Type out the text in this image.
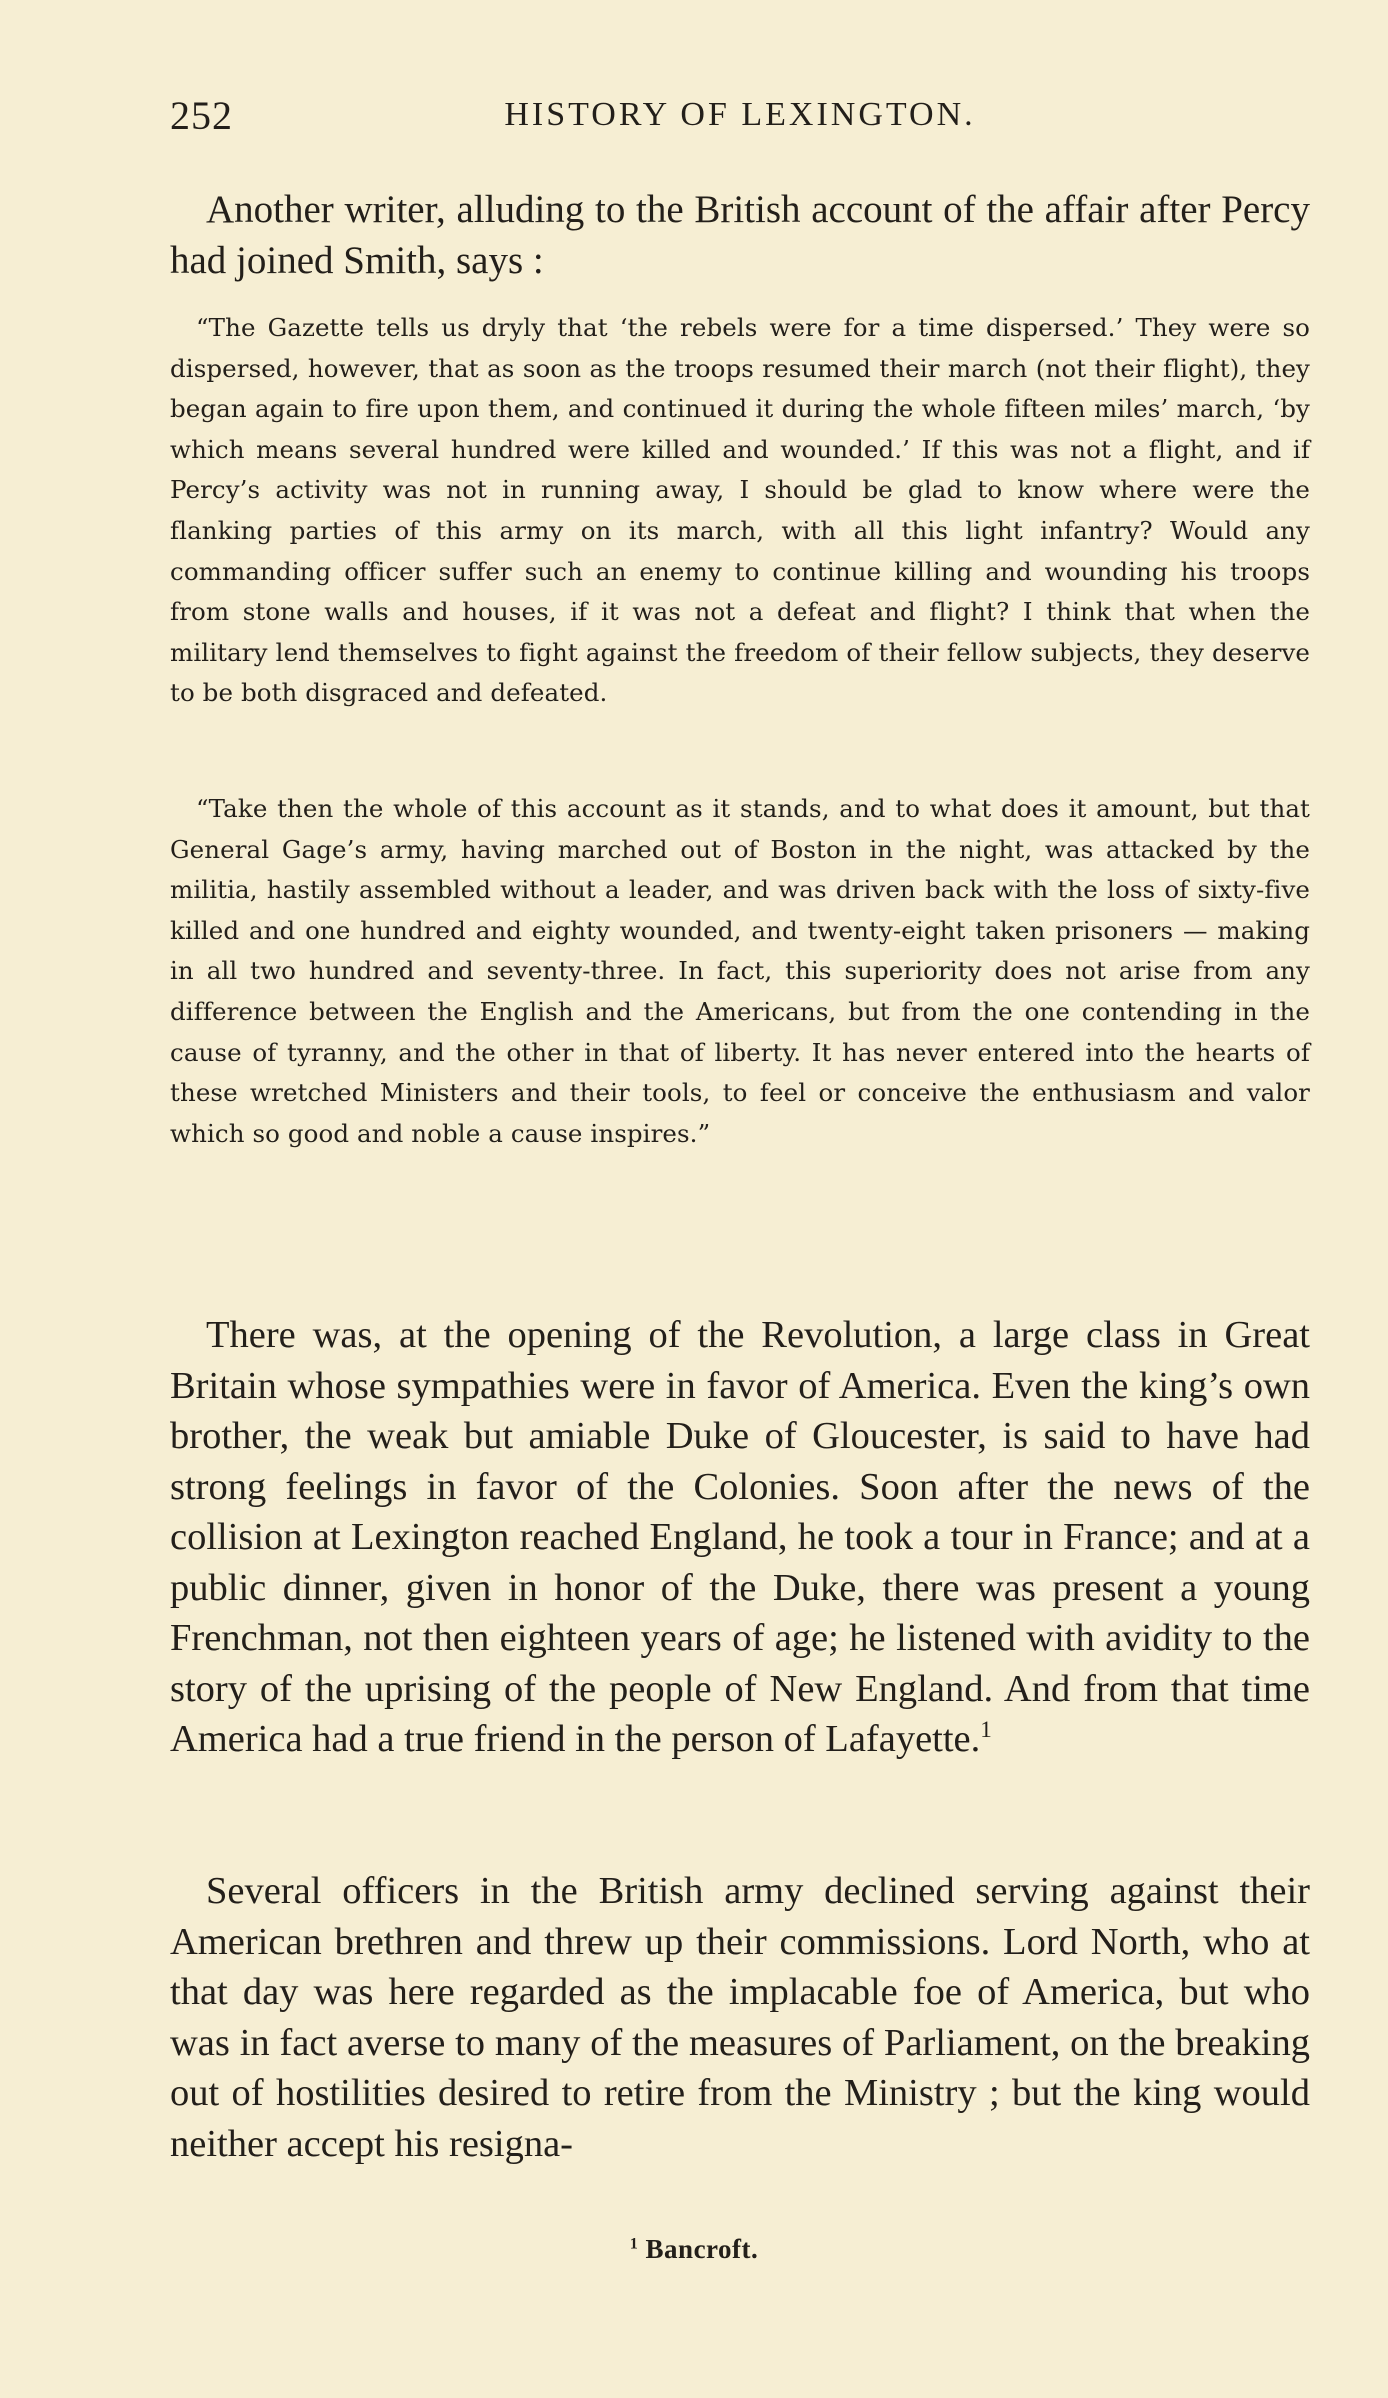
252	HISTORY OF LEXINGTON.

Another writer, alluding to the British account of the affair after Percy had joined Smith, says :

“The Gazette tells us dryly that ‘the rebels were for a time dispersed.’ They were so dispersed, however, that as soon as the troops resumed their march (not their flight), they began again to fire upon them, and continued it during the whole fifteen miles’ march, ‘by which means several hundred were killed and wounded.’ If this was not a flight, and if Percy’s activity was not in running away, I should be glad to know where were the flanking parties of this army on its march, with all this light infantry? Would any commanding officer suffer such an enemy to continue killing and wounding his troops from stone walls and houses, if it was not a defeat and flight? I think that when the military lend themselves to fight against the freedom of their fellow subjects, they deserve to be both disgraced and defeated.

“Take then the whole of this account as it stands, and to what does it amount, but that General Gage’s army, having marched out of Boston in the night, was attacked by the militia, hastily assembled without a leader, and was driven back with the loss of sixty-five killed and one hundred and eighty wounded, and twenty-eight taken prisoners — making in all two hundred and seventy-three. In fact, this superiority does not arise from any difference between the English and the Americans, but from the one contending in the cause of tyranny, and the other in that of liberty. It has never entered into the hearts of these wretched Ministers and their tools, to feel or conceive the enthusiasm and valor which so good and noble a cause inspires.”

There was, at the opening of the Revolution, a large class in Great Britain whose sympathies were in favor of America. Even the king’s own brother, the weak but amiable Duke of Gloucester, is said to have had strong feelings in favor of the Colonies. Soon after the news of the collision at Lexington reached England, he took a tour in France; and at a public dinner, given in honor of the Duke, there was present a young Frenchman, not then eighteen years of age; he listened with avidity to the story of the uprising of the people of New England. And from that time America had a true friend in the person of Lafayette.$^1$

Several officers in the British army declined serving against their American brethren and threw up their commissions. Lord North, who at that day was here regarded as the implacable foe of America, but who was in fact averse to many of the measures of Parliament, on the breaking out of hostilities desired to retire from the Ministry ; but the king would neither accept his resigna-

$^1$ Bancroft.
